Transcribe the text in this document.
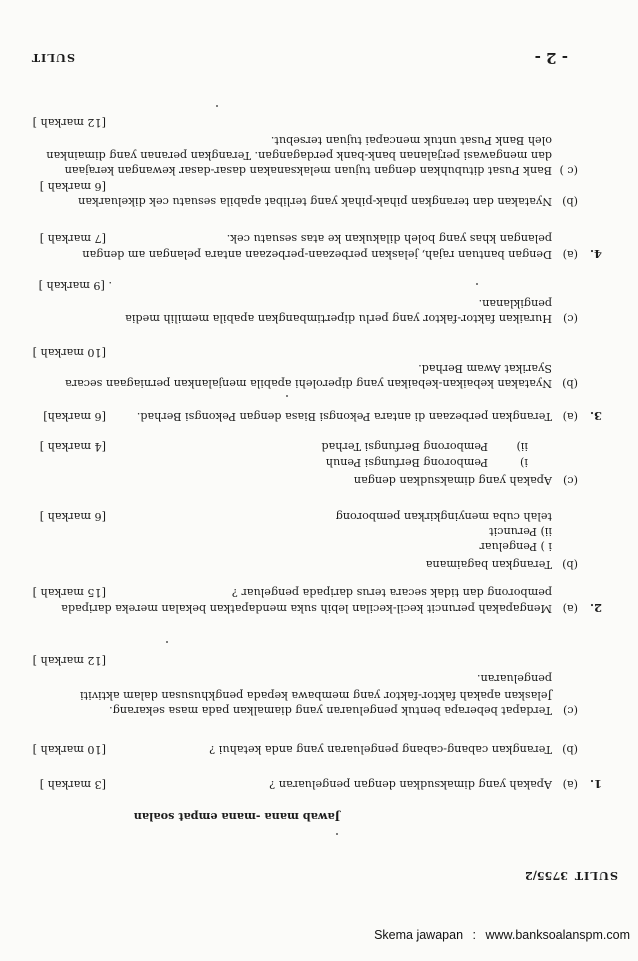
SULIT
- 2 -
3755/2
SULIT
Jawab mana -mana empat soalan
1.
(a)
Apakah yang dimaksudkan dengan pengeluaran ?
[3 markah ]
(b)
Terangkan cabang-cabang pengeluaran yang anda ketahui ?
[10 markah ]
(c)
Terdapat beberapa bentuk pengeluaran yang diamalkan pada masa sekarang.
Jelaskan apakah faktor-faktor yang membawa kepada pengkhususan dalam aktiviti
pengeluaran.
[12 markah ]
2.
(a)
Mengapakah peruncit kecil-kecilan lebih suka mendapatkan bekalan mereka daripada
pemborong dan tidak secara terus daripada pengeluar ?
[15 markah ]
(b)
Terangkan bagaimana
i ) Pengeluar
ii) Peruncit
telah cuba menyingkirkan pemborong
[6 markah ]
(c)
Apakah yang dimaksudkan dengan
i)
Pemborong Berfungsi Penuh
ii)
Pemborong Berfungsi Terhad
[4 markah ]
3.
(a)
Terangkan perbezaan di antara Pekongsi Biasa dengan Pekongsi Berhad.
[6 markah]
(b)
Nyatakan kebaikan-kebaikan yang diperolehi apabila menjalankan perniagaan secara
Syarikat Awam Berhad.
[10 markah ]
(c)
Huraikan faktor-faktor yang perlu dipertimbangkan apabila memilih media
pengiklanan.
. [9 markah ]
4.
(a)
Dengan bantuan rajah, jelaskan perbezaan-perbezaan antara pelangan am dengan
pelangan khas yang boleh dilakukan ke atas sesuatu cek.
[7 markah ]
(b)
Nyatakan dan terangkan pihak-pihak yang terlibat apabila sesuatu cek dikeluarkan
[6 markah ]
(c )
Bank Pusat ditubuhkan dengan tujuan melaksanakan dasar-dasar kewangan kerajaan
dan mengawasi perjalanan bank-bank perdagangan. Terangkan peranan yang dimainkan
oleh Bank Pusat untuk mencapai tujuan tersebut.
[12 markah ]
Skema jawapan : www.banksoalanspm.com
